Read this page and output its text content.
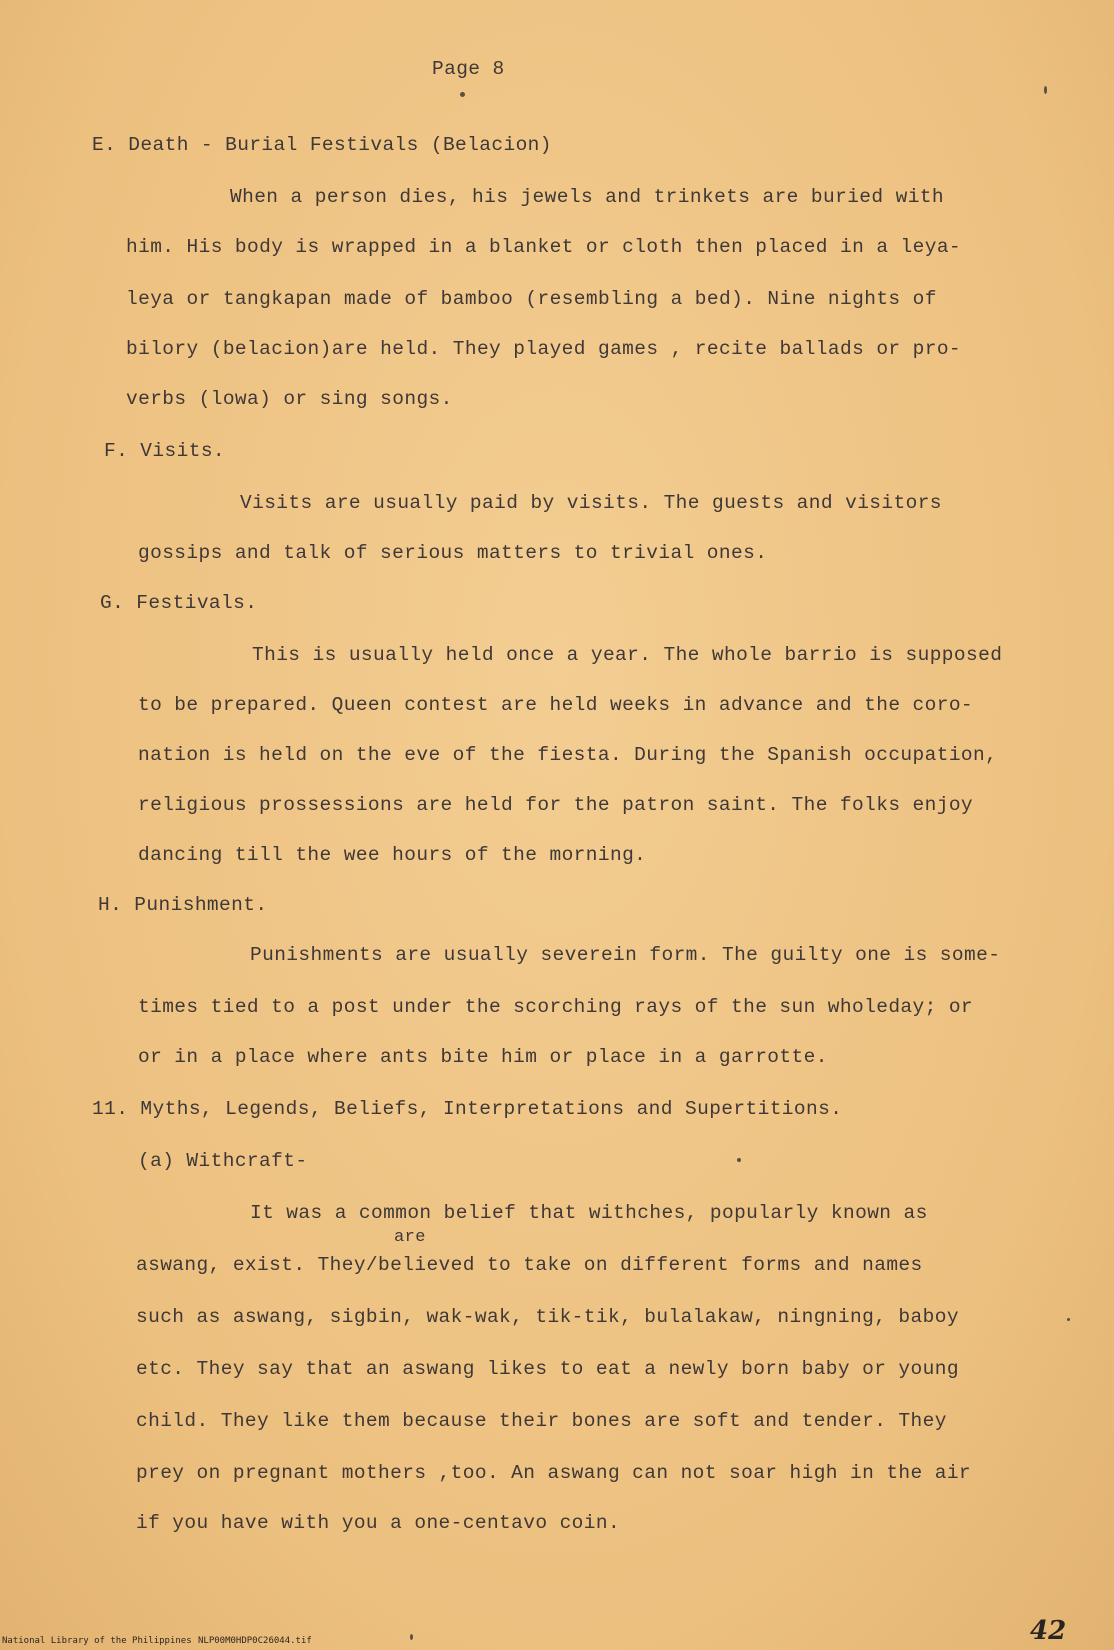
Page 8
E. Death - Burial Festivals (Belacion)
When a person dies, his jewels and trinkets are buried with
him. His body is wrapped in a blanket or cloth then placed in a leya-
leya or tangkapan made of bamboo (resembling a bed). Nine nights of
bilory (belacion)are held. They played games , recite ballads or pro-
verbs (lowa) or sing songs.
F. Visits.
Visits are usually paid by visits. The guests and visitors
gossips and talk of serious matters to trivial ones.
G. Festivals.
This is usually held once a year. The whole barrio is supposed
to be prepared. Queen contest are held weeks in advance and the coro-
nation is held on the eve of the fiesta. During the Spanish occupation,
religious prossessions are held for the patron saint. The folks enjoy
dancing till the wee hours of the morning.
H. Punishment.
Punishments are usually severein form. The guilty one is some-
times tied to a post under the scorching rays of the sun wholeday; or
or in a place where ants bite him or place in a garrotte.
11. Myths, Legends, Beliefs, Interpretations and Supertitions.
(a) Withcraft-
It was a common belief that withches, popularly known as
are
aswang, exist. They/believed to take on different forms and names
such as aswang, sigbin, wak-wak, tik-tik, bulalakaw, ningning, baboy
etc. They say that an aswang likes to eat a newly born baby or young
child. They like them because their bones are soft and tender. They
prey on pregnant mothers ,too. An aswang can not soar high in the air
if you have with you a one-centavo coin.
National Library of the Philippines NLP00M0HDP0C26044.tif	42
